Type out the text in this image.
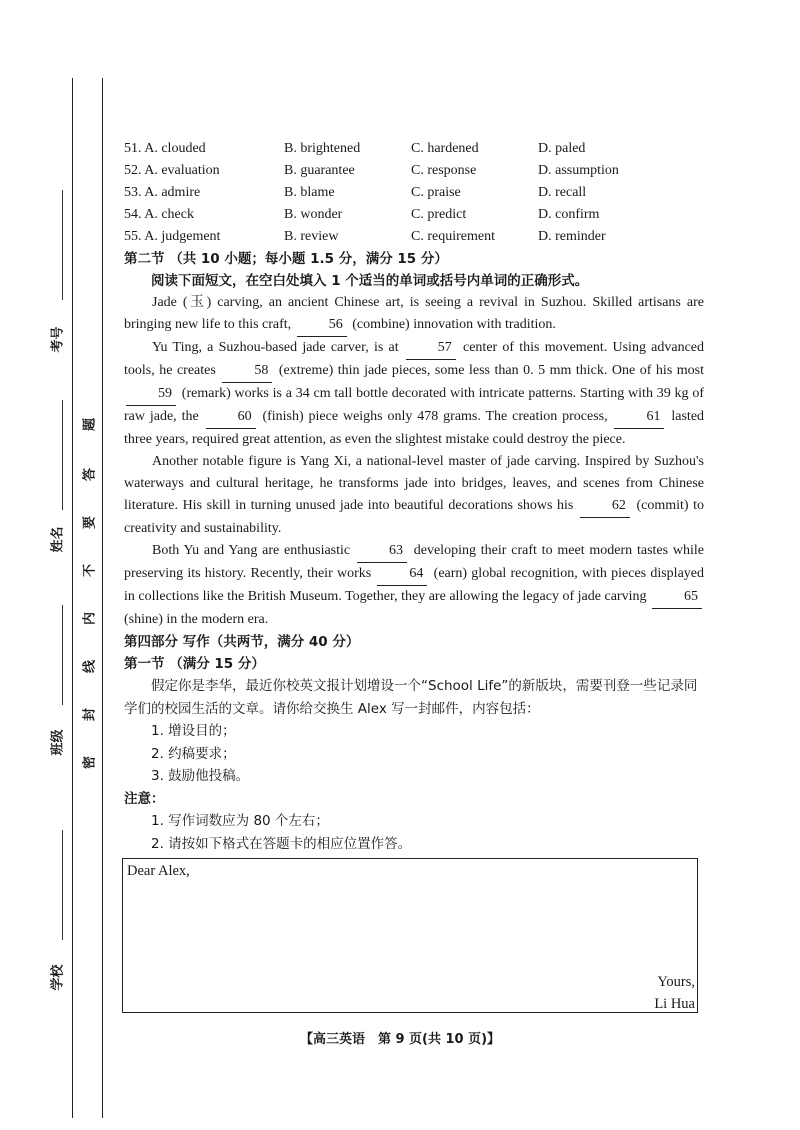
考号
姓名
班级
学校
题
答
要
不
内
线
封
密
51. A. clouded	B. brightened	C. hardened	D. paled
52. A. evaluation	B. guarantee	C. response	D. assumption
53. A. admire	B. blame	C. praise	D. recall
54. A. check	B. wonder	C. predict	D. confirm
55. A. judgement	B. review	C. requirement	D. reminder
第二节 （共 10 小题；每小题 1.5 分，满分 15 分）
阅读下面短文，在空白处填入 1 个适当的单词或括号内单词的正确形式。

Jade (玉) carving, an ancient Chinese art, is seeing a revival in Suzhou. Skilled artisans are bringing new life to this craft,	56 (combine) innovation with tradition.

Yu Ting, a Suzhou-based jade carver, is at	57 center of this movement. Using advanced tools, he creates	58 (extreme) thin jade pieces, some less than 0. 5 mm thick. One of his most 59 (remark) works is a 34 cm tall bottle decorated with intricate patterns. Starting with 39 kg of raw jade, the	60 (finish) piece weighs only 478 grams. The creation process,	61 lasted three years, required great attention, as even the slightest mistake could destroy the piece.

Another notable figure is Yang Xi, a national-level master of jade carving. Inspired by Suzhou's waterways and cultural heritage, he transforms jade into bridges, leaves, and scenes from Chinese literature. His skill in turning unused jade into beautiful decorations shows his	62 (commit) to creativity and sustainability.

Both Yu and Yang are enthusiastic	63 developing their craft to meet modern tastes while preserving its history. Recently, their works	64 (earn) global recognition, with pieces displayed in collections like the British Museum. Together, they are allowing the legacy of jade carving	65 (shine) in the modern era.

第四部分 写作（共两节，满分 40 分）
第一节 （满分 15 分）
假定你是李华，最近你校英文报计划增设一个“School Life”的新版块，需要刊登一些记录同学们的校园生活的文章。请你给交换生 Alex 写一封邮件，内容包括：
1. 增设目的；
2. 约稿要求；
3. 鼓励他投稿。
注意：
1. 写作词数应为 80 个左右；
2. 请按如下格式在答题卡的相应位置作答。
Dear Alex,
Yours,
Li Hua
【高三英语　第 9 页(共 10 页)】
